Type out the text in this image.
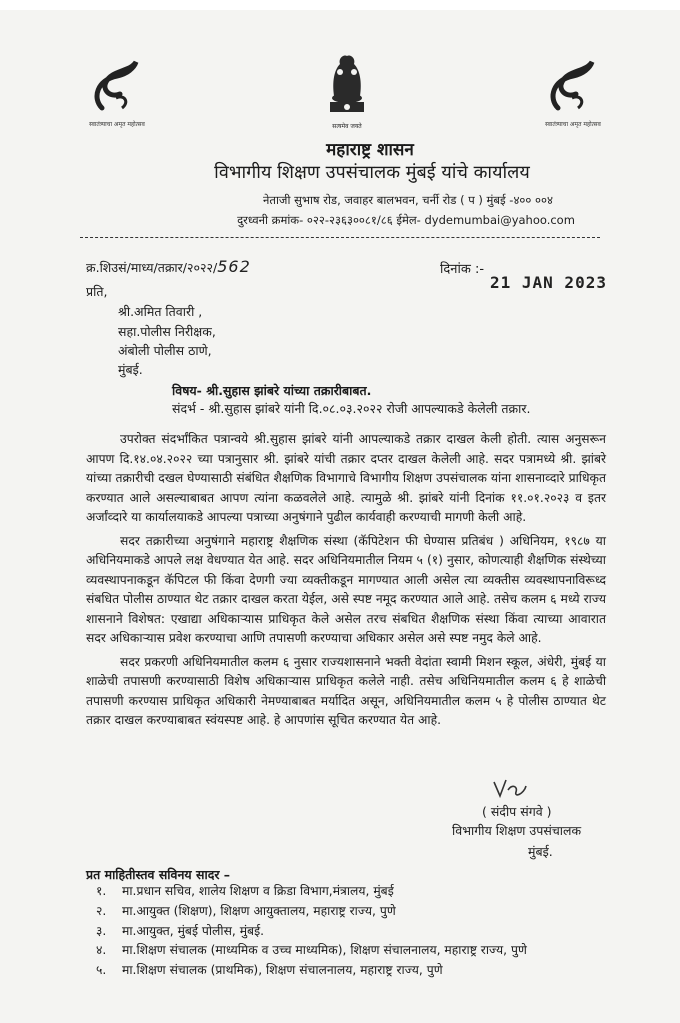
स्वातंत्र्याचा अमृत महोत्सव	सत्यमेव जयते	स्वातंत्र्याचा अमृत महोत्सव
महाराष्ट्र शासन
विभागीय शिक्षण उपसंचालक मुंबई यांचे कार्यालय
नेताजी सुभाष रोड, जवाहर बालभवन, चर्नी रोड ( प ) मुंबई -४०० ००४
दुरध्वनी क्रमांक- ०२२-२३६३००८१/८६ ईमेल- dydemumbai@yahoo.com
क्र.शिउसं/माध्य/तक्रार/२०२२/562	दिनांक :-
21 JAN 2023
प्रति,
श्री.अमित तिवारी ,
सहा.पोलीस निरीक्षक,
अंबोली पोलीस ठाणे,
मुंबई.
विषय- श्री.सुहास झांबरे यांच्या तक्रारीबाबत.
संदर्भ - श्री.सुहास झांबरे यांनी दि.०८.०३.२०२२ रोजी आपल्याकडे केलेली तक्रार.

उपरोक्त संदर्भांकित पत्रान्वये श्री.सुहास झांबरे यांनी आपल्याकडे तक्रार दाखल केली होती. त्यास अनुसरून आपण दि.१४.०४.२०२२ च्या पत्रानुसार श्री. झांबरे यांची तक्रार दप्तर दाखल केलेली आहे. सदर पत्रामध्ये श्री. झांबरे यांच्या तक्रारीची दखल घेण्यासाठी संबंधित शैक्षणिक विभागाचे विभागीय शिक्षण उपसंचालक यांना शासनाव्दारे प्राधिकृत करण्यात आले असल्याबाबत आपण त्यांना कळवलेले आहे. त्यामुळे श्री. झांबरे यांनी दिनांक ११.०१.२०२३ व इतर अर्जांव्दारे या कार्यालयाकडे आपल्या पत्राच्या अनुषंगाने पुढील कार्यवाही करण्याची मागणी केली आहे.

सदर तक्रारीच्या अनुषंगाने महाराष्ट्र शैक्षणिक संस्था (कॅपिटेशन फी घेण्यास प्रतिबंध ) अधिनियम, १९८७ या अधिनियमाकडे आपले लक्ष वेधण्यात येत आहे. सदर अधिनियमातील नियम ५ (१) नुसार, कोणत्याही शैक्षणिक संस्थेच्या व्यवस्थापनाकडून कॅपिटल फी किंवा देणगी ज्या व्यक्तीकडून मागण्यात आली असेल त्या व्यक्तीस व्यवस्थापनाविरूध्द संबधित पोलीस ठाण्यात थेट तक्रार दाखल करता येईल, असे स्पष्ट नमूद करण्यात आले आहे. तसेच कलम ६ मध्ये राज्य शासनाने विशेषत: एखाद्या अधिकाऱ्यास प्राधिकृत केले असेल तरच संबधित शैक्षणिक संस्था किंवा त्याच्या आवारात सदर अधिकाऱ्यास प्रवेश करण्याचा आणि तपासणी करण्याचा अधिकार असेल असे स्पष्ट नमुद केले आहे.

सदर प्रकरणी अधिनियमातील कलम ६ नुसार राज्यशासनाने भक्ती वेदांता स्वामी मिशन स्कूल, अंधेरी, मुंबई या शाळेची तपासणी करण्यासाठी विशेष अधिकाऱ्यास प्राधिकृत कलेले नाही. तसेच अधिनियमातील कलम ६ हे शाळेची तपासणी करण्यास प्राधिकृत अधिकारी नेमण्याबाबत मर्यादित असून, अधिनियमातील कलम ५ हे पोलीस ठाण्यात थेट तक्रार दाखल करण्याबाबत स्वंयस्पष्ट आहे. हे आपणांस सूचित करण्यात येत आहे.

( संदीप संगवे )
विभागीय शिक्षण उपसंचालक
मुंबई.
प्रत माहितीस्तव सविनय सादर –
१. मा.प्रधान सचिव, शालेय शिक्षण व क्रिडा विभाग,मंत्रालय, मुंबई
२. मा.आयुक्त (शिक्षण), शिक्षण आयुक्तालय, महाराष्ट्र राज्य, पुणे
३. मा.आयुक्त, मुंबई पोलीस, मुंबई.
४. मा.शिक्षण संचालक (माध्यमिक व उच्च माध्यमिक), शिक्षण संचालनालय, महाराष्ट्र राज्य, पुणे
५. मा.शिक्षण संचालक (प्राथमिक), शिक्षण संचालनालय, महाराष्ट्र राज्य, पुणे
